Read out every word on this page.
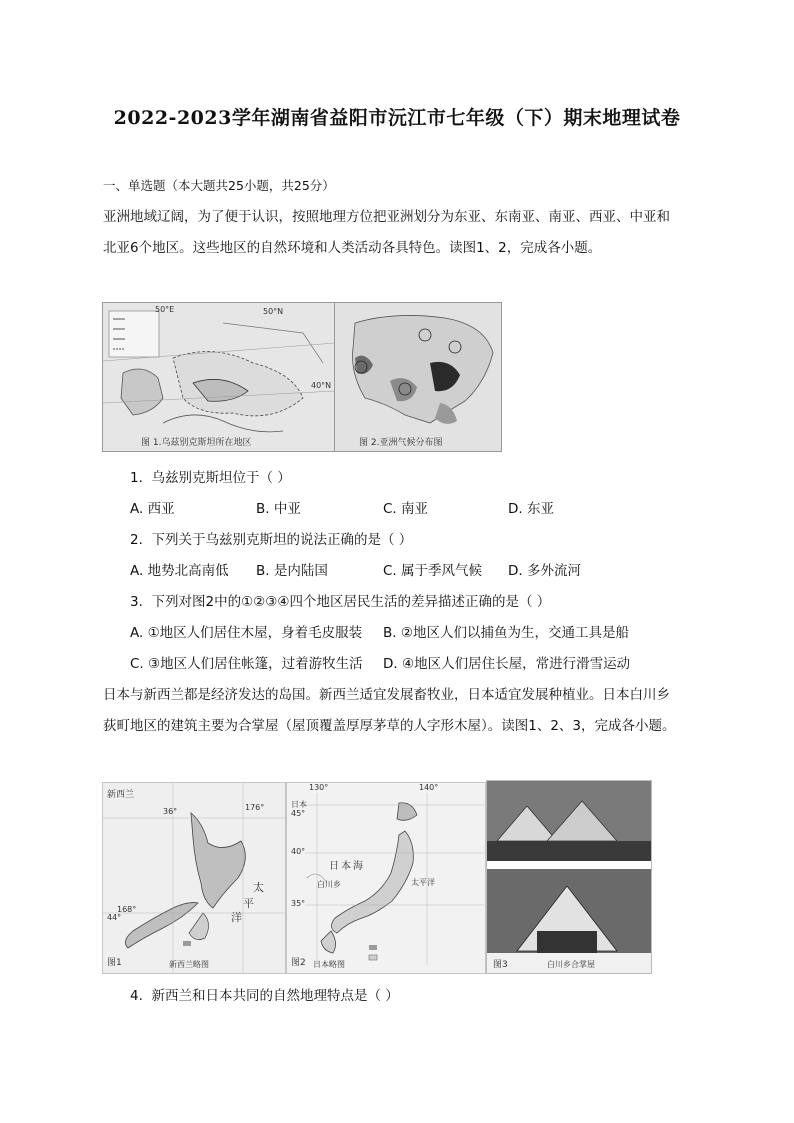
2022-2023学年湖南省益阳市沅江市七年级（下）期末地理试卷
一、单选题（本大题共25小题，共25分）
亚洲地域辽阔，为了便于认识，按照地理方位把亚洲划分为东亚、东南亚、南亚、西亚、中亚和
北亚6个地区。这些地区的自然环境和人类活动各具特色。读图1、2，完成各小题。
50°E	50°N
40°N
图 1.乌兹别克斯坦所在地区	图 2.亚洲气候分布图
1. 乌兹别克斯坦位于（ ）
A. 西亚	B. 中亚	C. 南亚	D. 东亚
2. 下列关于乌兹别克斯坦的说法正确的是（ ）
A. 地势北高南低 B. 是内陆国	C. 属于季风气候 D. 多外流河
3. 下列对图2中的①②③④四个地区居民生活的差异描述正确的是（ ）
A. ①地区人们居住木屋，身着毛皮服装 B. ②地区人们以捕鱼为生，交通工具是船
C. ③地区人们居住帐篷，过着游牧生活 D. ④地区人们居住长屋，常进行滑雪运动
日本与新西兰都是经济发达的岛国。新西兰适宜发展畜牧业，日本适宜发展种植业。日本白川乡
荻町地区的建筑主要为合掌屋（屋顶覆盖厚厚茅草的人字形木屋）。读图1、2、3，完成各小题。
新西兰
36°	176°
168°
44°
太
平
洋
图1	新西兰略图
130°	140°
日本
45°
40°
35°
日本海
白川乡	太平洋
图2 日本略图	图3	白川乡合掌屋
4. 新西兰和日本共同的自然地理特点是（ ）
